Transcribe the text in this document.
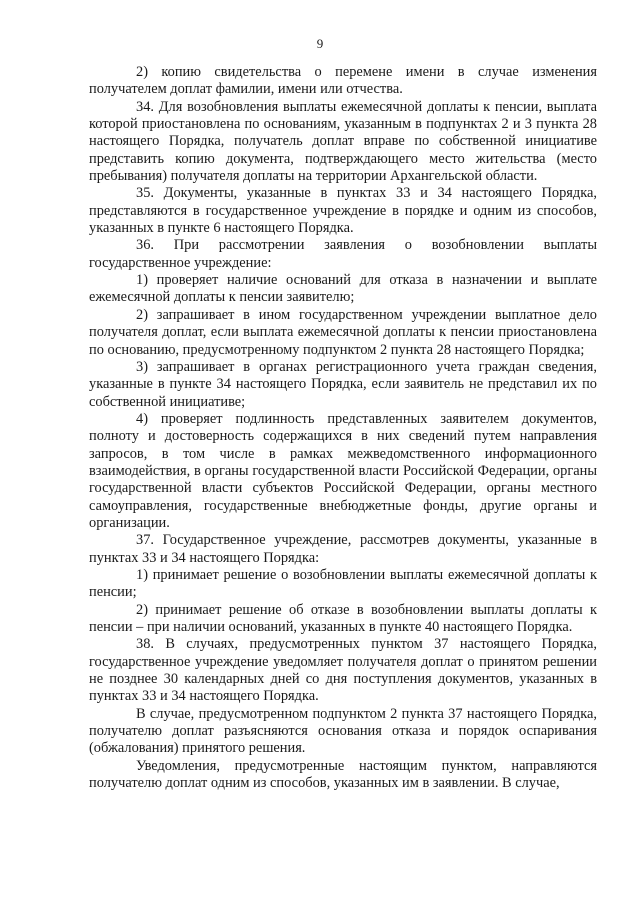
9

2) копию свидетельства о перемене имени в случае изменения получателем доплат фамилии, имени или отчества.

34. Для возобновления выплаты ежемесячной доплаты к пенсии, выплата которой приостановлена по основаниям, указанным в подпунктах 2 и 3 пункта 28 настоящего Порядка, получатель доплат вправе по собственной инициативе представить копию документа, подтверждающего место жительства (место пребывания) получателя доплаты на территории Архангельской области.

35. Документы, указанные в пунктах 33 и 34 настоящего Порядка, представляются в государственное учреждение в порядке и одним из способов, указанных в пункте 6 настоящего Порядка.

36. При рассмотрении заявления о возобновлении выплаты государственное учреждение:

1) проверяет наличие оснований для отказа в назначении и выплате ежемесячной доплаты к пенсии заявителю;

2) запрашивает в ином государственном учреждении выплатное дело получателя доплат, если выплата ежемесячной доплаты к пенсии приостановлена по основанию, предусмотренному подпунктом 2 пункта 28 настоящего Порядка;

3) запрашивает в органах регистрационного учета граждан сведения, указанные в пункте 34 настоящего Порядка, если заявитель не представил их по собственной инициативе;

4) проверяет подлинность представленных заявителем документов, полноту и достоверность содержащихся в них сведений путем направления запросов, в том числе в рамках межведомственного информационного взаимодействия, в органы государственной власти Российской Федерации, органы государственной власти субъектов Российской Федерации, органы местного самоуправления, государственные внебюджетные фонды, другие органы и организации.

37. Государственное учреждение, рассмотрев документы, указанные в пунктах 33 и 34 настоящего Порядка:

1) принимает решение о возобновлении выплаты ежемесячной доплаты к пенсии;

2) принимает решение об отказе в возобновлении выплаты доплаты к пенсии – при наличии оснований, указанных в пункте 40 настоящего Порядка.

38. В случаях, предусмотренных пунктом 37 настоящего Порядка, государственное учреждение уведомляет получателя доплат о принятом решении не позднее 30 календарных дней со дня поступления документов, указанных в пунктах 33 и 34 настоящего Порядка.

В случае, предусмотренном подпунктом 2 пункта 37 настоящего Порядка, получателю доплат разъясняются основания отказа и порядок оспаривания (обжалования) принятого решения.

Уведомления, предусмотренные настоящим пунктом, направляются получателю доплат одним из способов, указанных им в заявлении. В случае,
